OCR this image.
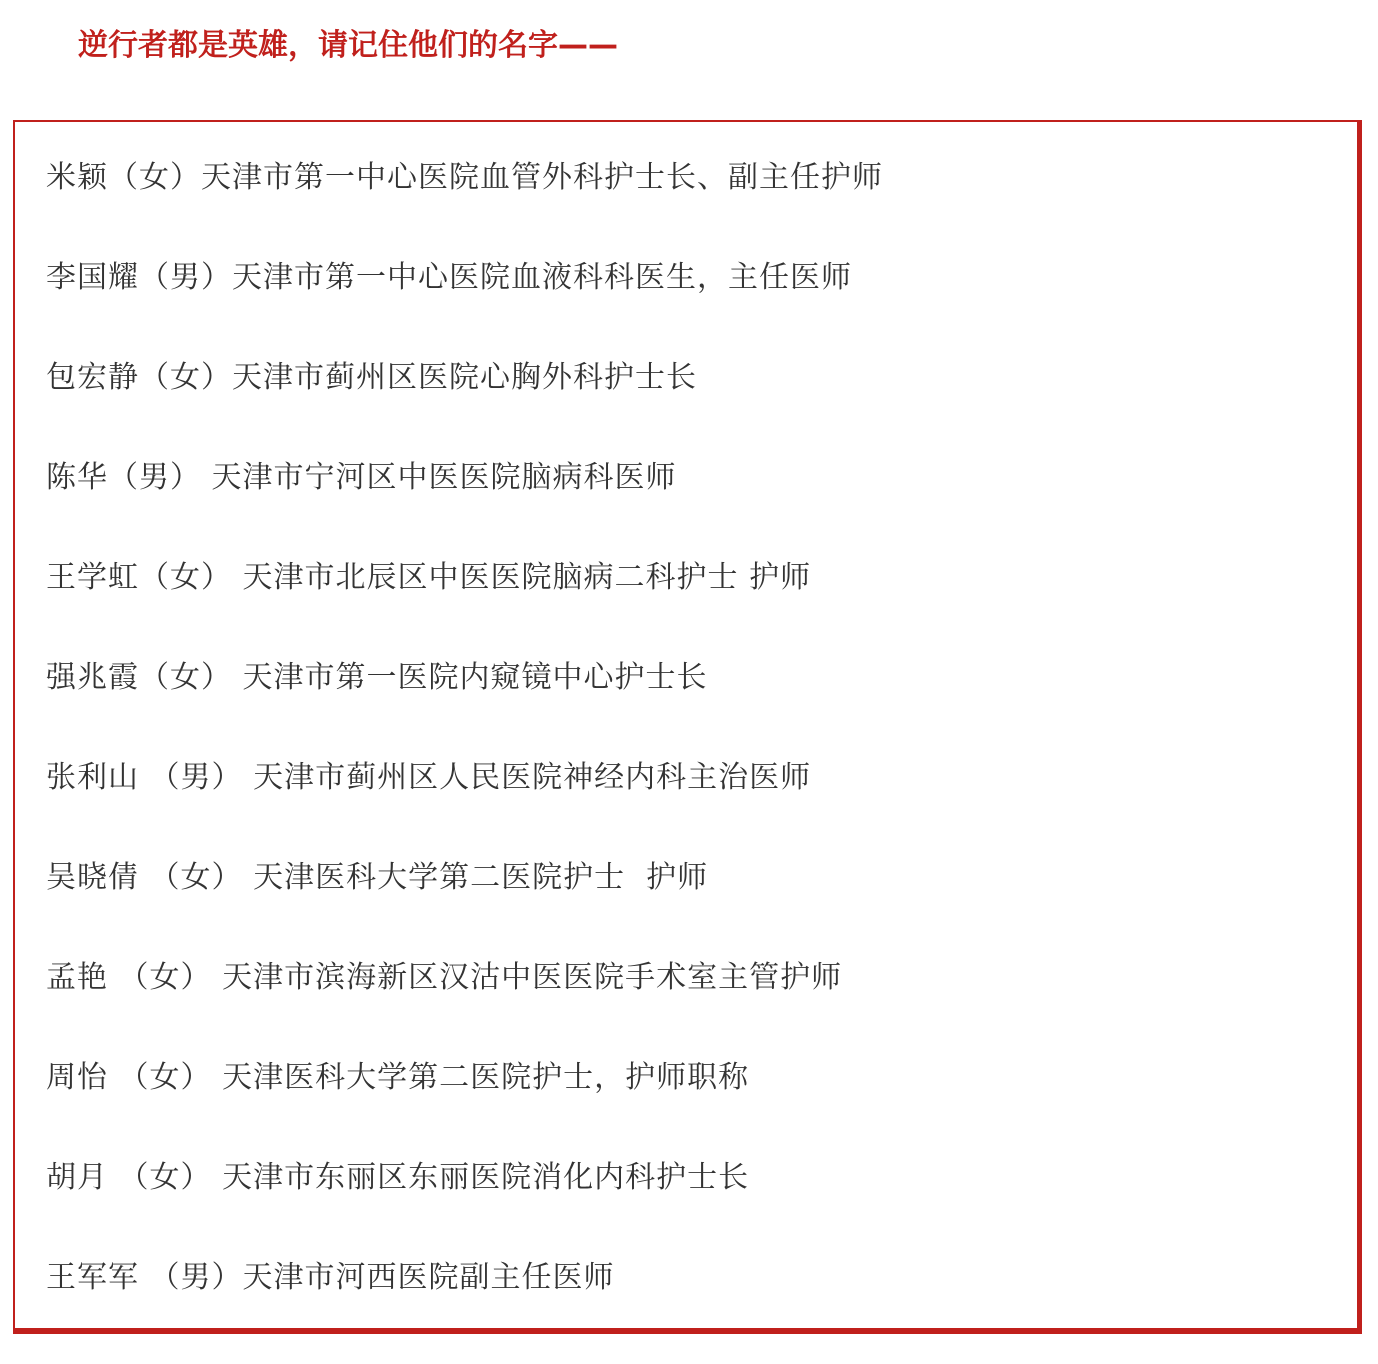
逆行者都是英雄，请记住他们的名字——
米颖（女）天津市第一中心医院血管外科护士长、副主任护师
李国耀（男）天津市第一中心医院血液科科医生，主任医师
包宏静（女）天津市蓟州区医院心胸外科护士长
陈华（男） 天津市宁河区中医医院脑病科医师
王学虹（女） 天津市北辰区中医医院脑病二科护士 护师
强兆霞（女） 天津市第一医院内窥镜中心护士长
张利山 （男） 天津市蓟州区人民医院神经内科主治医师
吴晓倩 （女） 天津医科大学第二医院护士  护师
孟艳 （女） 天津市滨海新区汉沽中医医院手术室主管护师
周怡 （女） 天津医科大学第二医院护士，护师职称
胡月 （女） 天津市东丽区东丽医院消化内科护士长
王军军 （男）天津市河西医院副主任医师
